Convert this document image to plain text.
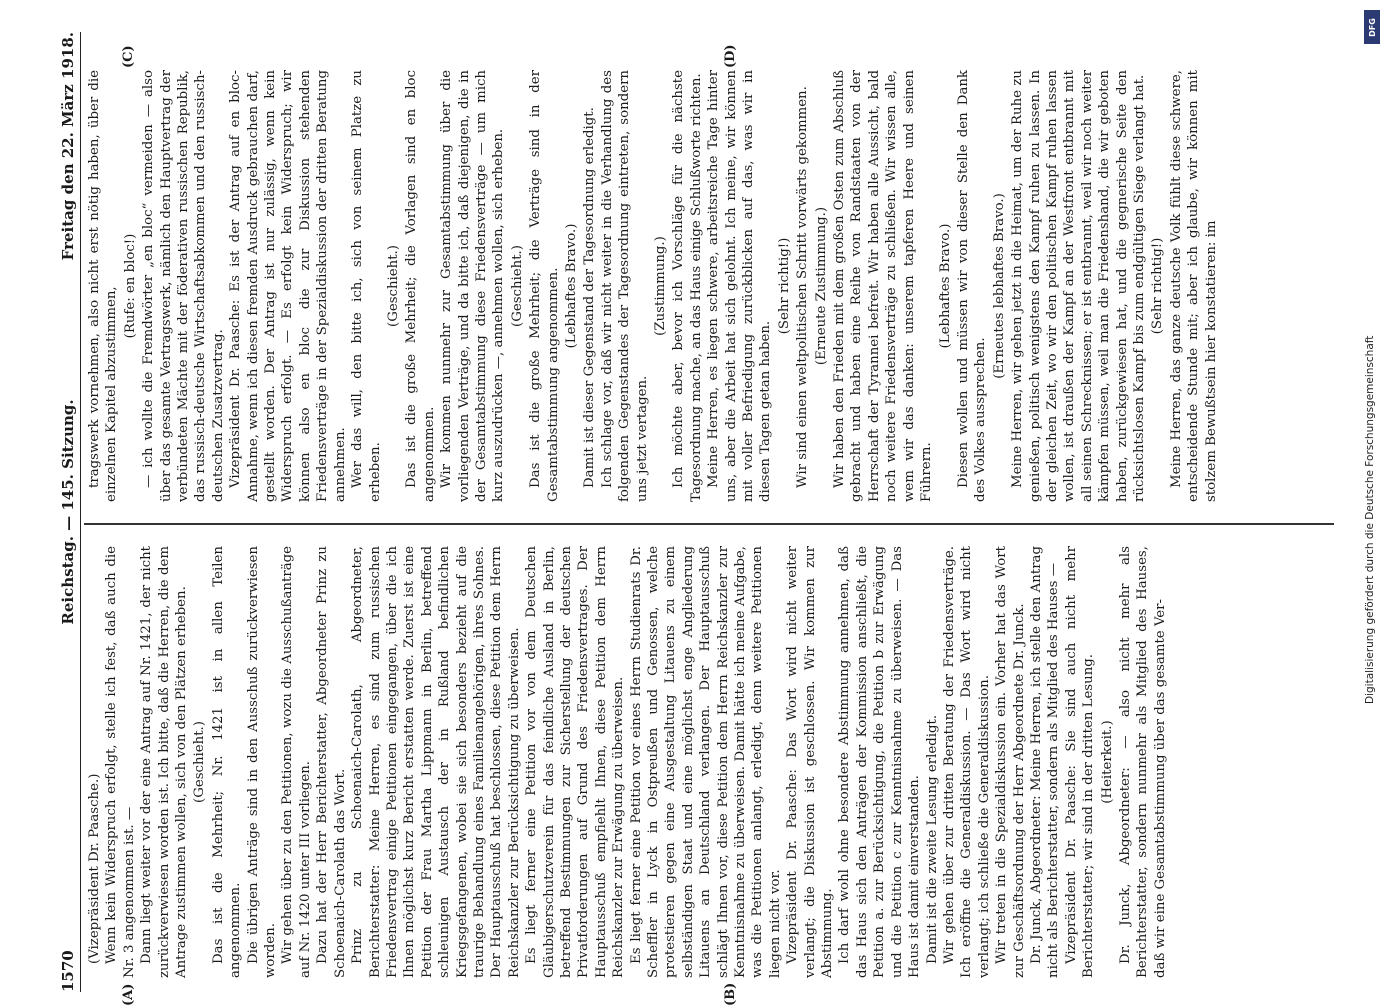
1570
Reichstag. — 145. Sitzung.
Freitag den 22. März 1918.
(A)	(B)
(C)	(D)

(Vizepräsident Dr. Paasche.) Wenn kein Widerspruch erfolgt, stelle ich fest, daß auch die Nr. 3 angenommen ist. — Dann liegt weiter vor der eine Antrag auf Nr. 1421, der nicht zurückverwiesen worden ist. Ich bitte, daß die Herren, die dem Antrage zustimmen wollen, sich von den Plätzen erheben. (Geschieht.) Das ist die Mehrheit; Nr. 1421 ist in allen Teilen angenommen. Die übrigen Anträge sind in den Ausschuß zurückverwiesen worden. Wir gehen über zu den Petitionen, wozu die Ausschußanträge auf Nr. 1420 unter III vorliegen. Dazu hat der Herr Berichterstatter, Abgeordneter Prinz zu Schoenaich-Carolath das Wort. Prinz zu Schoenaich-Carolath, Abgeordneter, Berichterstatter: Meine Herren, es sind zum russischen Friedensvertrag einige Petitionen eingegangen, über die ich Ihnen möglichst kurz Bericht erstatten werde. Zuerst ist eine Petition der Frau Martha Lippmann in Berlin, betreffend schleunigen Austausch der in Rußland befindlichen Kriegsgefangenen, wobei sie sich besonders bezieht auf die traurige Behandlung eines Familienangehörigen, ihres Sohnes. Der Hauptausschuß hat beschlossen, diese Petition dem Herrn Reichskanzler zur Berücksichtigung zu überweisen. Es liegt ferner eine Petition vor von dem Deutschen Gläubigerschutzverein für das feindliche Ausland in Berlin, betreffend Bestimmungen zur Sicherstellung der deutschen Privatforderungen auf Grund des Friedensvertrages. Der Hauptausschuß empfiehlt Ihnen, diese Petition dem Herrn Reichskanzler zur Erwägung zu überweisen. Es liegt ferner eine Petition vor eines Herrn Studienrats Dr. Scheffler in Lyck in Ostpreußen und Genossen, welche protestieren gegen eine Ausgestaltung Litauens zu einem selbständigen Staat und eine möglichst enge Angliederung Litauens an Deutschland verlangen. Der Hauptausschuß schlägt Ihnen vor, diese Petition dem Herrn Reichskanzler zur Kenntnisnahme zu überweisen. Damit hätte ich meine Aufgabe, was die Petitionen anlangt, erledigt, denn weitere Petitionen liegen nicht vor. Vizepräsident Dr. Paasche: Das Wort wird nicht weiter verlangt; die Diskussion ist geschlossen. Wir kommen zur Abstimmung. Ich darf wohl ohne besondere Abstimmung annehmen, daß das Haus sich den Anträgen der Kommission anschließt, die Petition a. zur Berücksichtigung, die Petition b zur Erwägung und die Petition c zur Kenntnisnahme zu überweisen. — Das Haus ist damit einverstanden. Damit ist die zweite Lesung erledigt. Wir gehen über zur dritten Beratung der Friedensverträge. Ich eröffne die Generaldiskussion. — Das Wort wird nicht verlangt; ich schließe die Generaldiskussion. Wir treten in die Spezialdiskussion ein. Vorher hat das Wort zur Geschäftsordnung der Herr Abgeordnete Dr. Junck. Dr. Junck, Abgeordneter: Meine Herren, ich stelle den Antrag nicht als Berichterstatter, sondern als Mitglied des Hauses — Vizepräsident Dr. Paasche: Sie sind auch nicht mehr Berichterstatter; wir sind in der dritten Lesung. (Heiterkeit.) Dr. Junck, Abgeordneter: — also nicht mehr als Berichterstatter, sondern nunmehr als Mitglied des Hauses, daß wir eine Gesamtabstimmung über das gesamte Ver-

tragswerk vornehmen, also nicht erst nötig haben, über die einzelnen Kapitel abzustimmen,

(Rufe: en bloc!) — ich wollte die Fremdwörter „en bloc“ vermeiden — also über das gesamte Vertragswerk, nämlich den Hauptvertrag der verbündeten Mächte mit der föderativen russischen Republik, das russisch-deutsche Wirtschaftsabkommen und den russisch-deutschen Zusatzvertrag. Vizepräsident Dr. Paasche: Es ist der Antrag auf en bloc-Annahme, wenn ich diesen fremden Ausdruck gebrauchen darf, gestellt worden. Der Antrag ist nur zulässig, wenn kein Widerspruch erfolgt. — Es erfolgt kein Widerspruch; wir können also en bloc die zur Diskussion stehenden Friedensverträge in der Spezialdiskussion der dritten Beratung annehmen. Wer das will, den bitte ich, sich von seinem Platze zu erheben.

(Geschieht.) Das ist die große Mehrheit; die Vorlagen sind en bloc angenommen. Wir kommen nunmehr zur Gesamtabstimmung über die vorliegenden Verträge, und da bitte ich, daß diejenigen, die in der Gesamtabstimmung diese Friedensverträge — um mich kurz auszudrücken —, annehmen wollen, sich erheben. (Geschieht.) Das ist die große Mehrheit; die Verträge sind in der Gesamtabstimmung angenommen. (Lebhaftes Bravo.) Damit ist dieser Gegenstand der Tagesordnung erledigt. Ich schlage vor, daß wir nicht weiter in die Verhandlung des folgenden Gegenstandes der Tagesordnung eintreten, sondern uns jetzt vertagen.

(Zustimmung.) Ich möchte aber, bevor ich Vorschläge für die nächste Tagesordnung mache, an das Haus einige Schlußworte richten. Meine Herren, es liegen schwere, arbeitsreiche Tage hinter uns, aber die Arbeit hat sich gelohnt. Ich meine, wir können mit voller Befriedigung zurückblicken auf das, was wir in diesen Tagen getan haben.

(Sehr richtig!) Wir sind einen weltpolitischen Schritt vorwärts gekommen. (Erneute Zustimmung.) Wir haben den Frieden mit dem großen Osten zum Abschluß gebracht und haben eine Reihe von Randstaaten von der Herrschaft der Tyrannei befreit. Wir haben alle Aussicht, bald noch weitere Friedensverträge zu schließen. Wir wissen alle, wem wir das danken: unserem tapferen Heere und seinen Führern.

(Lebhaftes Bravo.) Diesen wollen und müssen wir von dieser Stelle den Dank des Volkes aussprechen.

(Erneutes lebhaftes Bravo.) Meine Herren, wir gehen jetzt in die Heimat, um der Ruhe zu genießen, politisch wenigstens den Kampf ruhen zu lassen. In der gleichen Zeit, wo wir den politischen Kampf ruhen lassen wollen, ist draußen der Kampf an der Westfront entbrannt mit all seinen Schrecknissen; er ist entbrannt, weil wir noch weiter kämpfen müssen, weil man die Friedenshand, die wir geboten haben, zurückgewiesen hat, und die gegnerische Seite den rücksichtslosen Kampf bis zum endgültigen Siege verlangt hat. (Sehr richtig!) Meine Herren, das ganze deutsche Volk fühlt diese schwere, entscheidende Stunde mit; aber ich glaube, wir können mit stolzem Bewußtsein hier konstatieren: im	Digitalisierung gefördert durch die Deutsche Forschungsgemeinschaft
DFG
